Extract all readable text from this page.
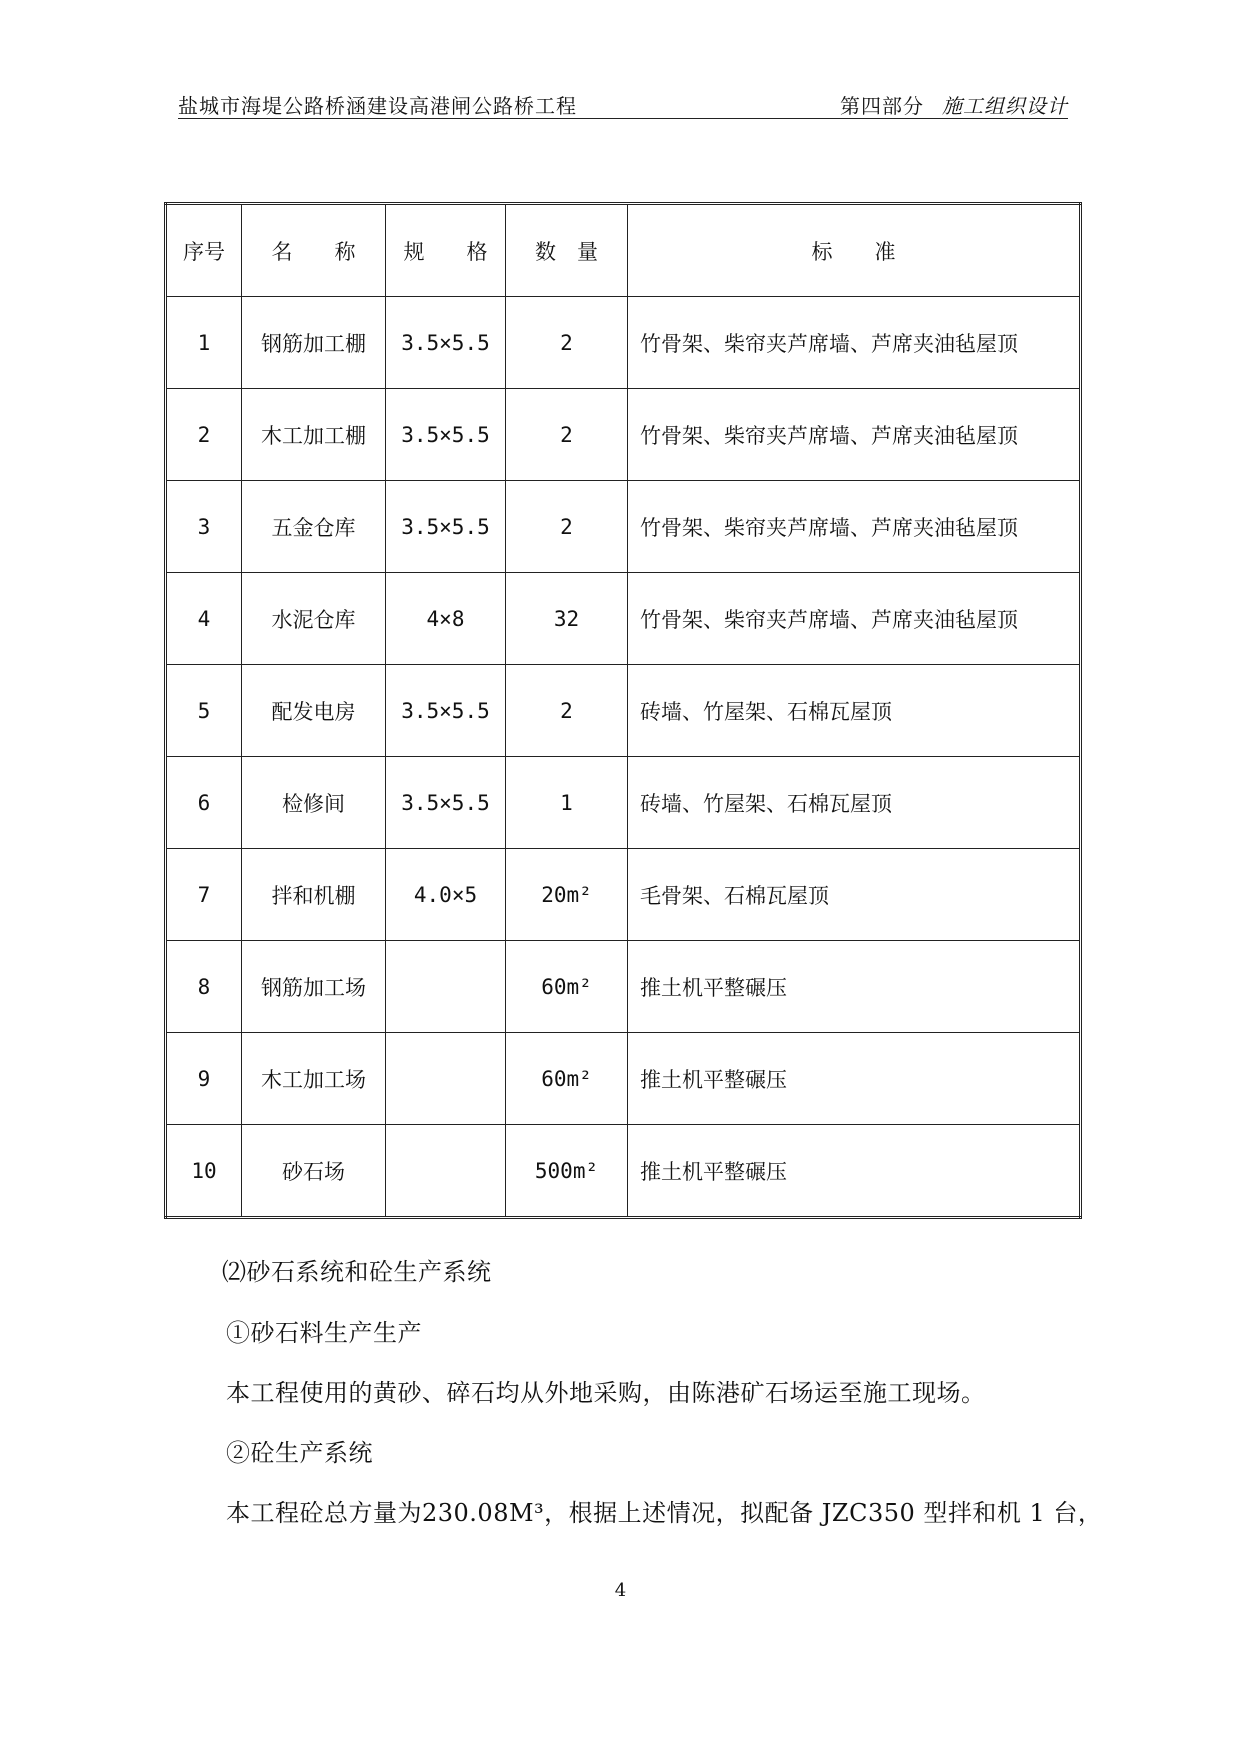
盐城市海堤公路桥涵建设高港闸公路桥工程	第四部分 施工组织设计
序号	名　　称	规　　格	数　量	标　　准
1	钢筋加工棚	3.5×5.5	2	竹骨架、柴帘夹芦席墙、芦席夹油毡屋顶
2	木工加工棚	3.5×5.5	2	竹骨架、柴帘夹芦席墙、芦席夹油毡屋顶
3	五金仓库	3.5×5.5	2	竹骨架、柴帘夹芦席墙、芦席夹油毡屋顶
4	水泥仓库	4×8	32	竹骨架、柴帘夹芦席墙、芦席夹油毡屋顶
5	配发电房	3.5×5.5	2	砖墙、竹屋架、石棉瓦屋顶
6	检修间	3.5×5.5	1	砖墙、竹屋架、石棉瓦屋顶
7	拌和机棚	4.0×5	20m²	毛骨架、石棉瓦屋顶
8	钢筋加工场		60m²	推土机平整碾压
9	木工加工场		60m²	推土机平整碾压
10	砂石场		500m²	推土机平整碾压
⑵砂石系统和砼生产系统
①砂石料生产生产
本工程使用的黄砂、碎石均从外地采购，由陈港矿石场运至施工现场。
②砼生产系统
本工程砼总方量为230.08M³，根据上述情况，拟配备 JZC350 型拌和机 1 台，
4
